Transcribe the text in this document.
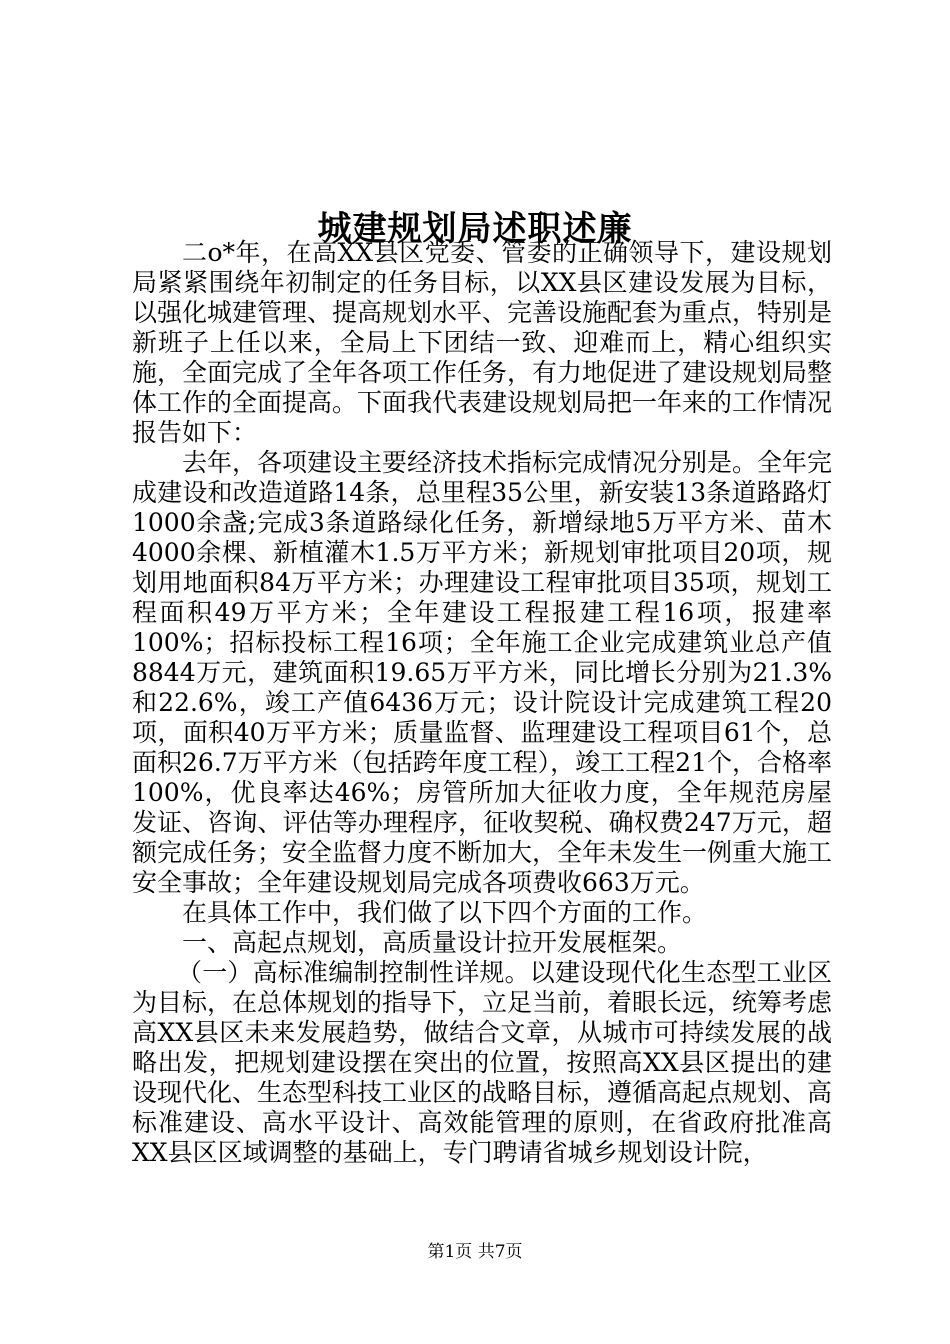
城建规划局述职述廉

二o*年，在高XX县区党委、管委的正确领导下，建设规划局紧紧围绕年初制定的任务目标，以XX县区建设发展为目标，以强化城建管理、提高规划水平、完善设施配套为重点，特别是新班子上任以来，全局上下团结一致、迎难而上，精心组织实施，全面完成了全年各项工作任务，有力地促进了建设规划局整体工作的全面提高。下面我代表建设规划局把一年来的工作情况报告如下：

去年，各项建设主要经济技术指标完成情况分别是。全年完成建设和改造道路14条，总里程35公里，新安装13条道路路灯1000余盏;完成3条道路绿化任务，新增绿地5万平方米、苗木4000余棵、新植灌木1.5万平方米；新规划审批项目20项，规划用地面积84万平方米；办理建设工程审批项目35项，规划工程面积49万平方米；全年建设工程报建工程16项，报建率100%；招标投标工程16项；全年施工企业完成建筑业总产值8844万元，建筑面积19.65万平方米，同比增长分别为21.3%和22.6%，竣工产值6436万元；设计院设计完成建筑工程20项，面积40万平方米；质量监督、监理建设工程项目61个，总面积26.7万平方米（包括跨年度工程），竣工工程21个，合格率100%，优良率达46%；房管所加大征收力度，全年规范房屋发证、咨询、评估等办理程序，征收契税、确权费247万元，超额完成任务；安全监督力度不断加大，全年未发生一例重大施工安全事故；全年建设规划局完成各项费收663万元。

在具体工作中，我们做了以下四个方面的工作。

一、高起点规划，高质量设计拉开发展框架。

（一）高标准编制控制性详规。以建设现代化生态型工业区为目标，在总体规划的指导下，立足当前，着眼长远，统筹考虑高XX县区未来发展趋势，做结合文章，从城市可持续发展的战略出发，把规划建设摆在突出的位置，按照高XX县区提出的建设现代化、生态型科技工业区的战略目标，遵循高起点规划、高标准建设、高水平设计、高效能管理的原则，在省政府批准高XX县区区域调整的基础上，专门聘请省城乡规划设计院，

第1页 共7页
